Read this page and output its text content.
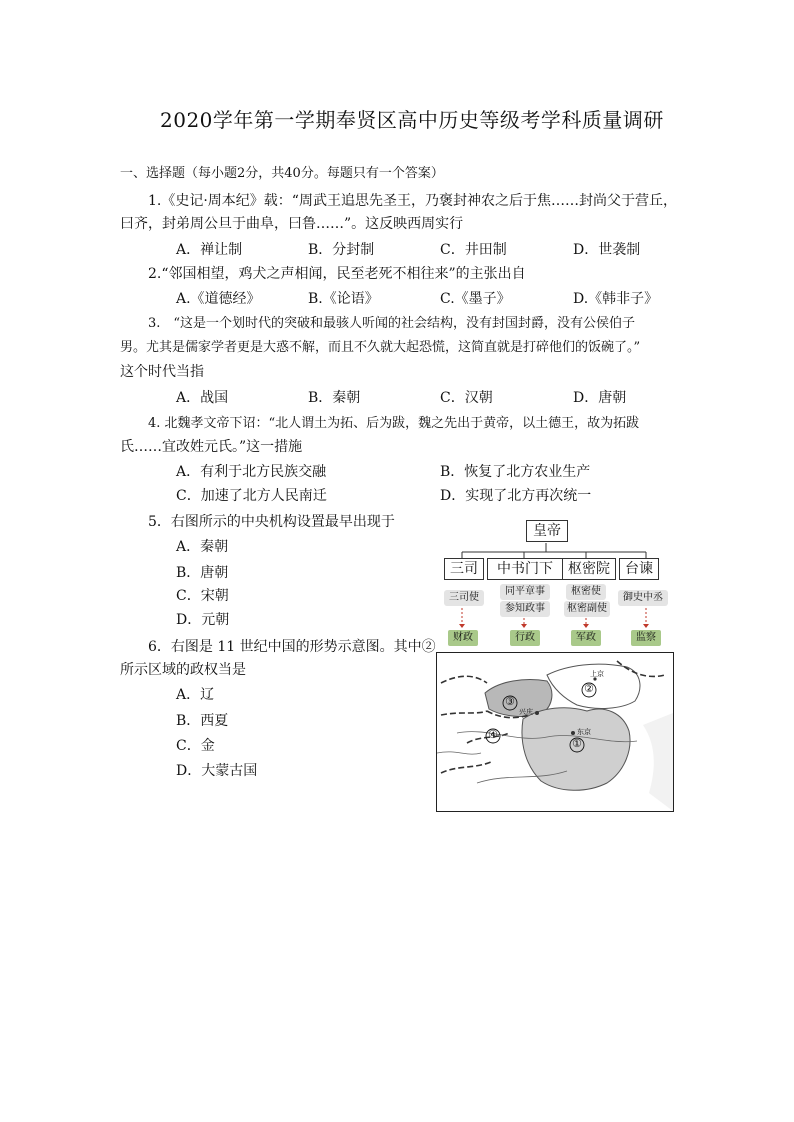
2020学年第一学期奉贤区高中历史等级考学科质量调研
一、选择题（每小题2分，共40分。每题只有一个答案）
1.《史记·周本纪》载：“周武王追思先圣王，乃褒封神农之后于焦……封尚父于营丘，
曰齐，封弟周公旦于曲阜，曰鲁……”。这反映西周实行
A．禅让制	B．分封制	C．井田制	D．世袭制
2.“邻国相望，鸡犬之声相闻，民至老死不相往来”的主张出自
A.《道德经》	B.《论语》	C.《墨子》	D.《韩非子》
3.　“这是一个划时代的突破和最骇人听闻的社会结构，没有封国封爵，没有公侯伯子
男。尤其是儒家学者更是大惑不解，而且不久就大起恐慌，这简直就是打碎他们的饭碗了。”
这个时代当指
A．战国	B．秦朝	C．汉朝	D．唐朝
4. 北魏孝文帝下诏：“北人谓土为拓、后为跋，魏之先出于黄帝，以土德王，故为拓跋
氏……宜改姓元氏。”这一措施
A．有利于北方民族交融	B．恢复了北方农业生产
C．加速了北方人民南迁	D．实现了北方再次统一
5．右图所示的中央机构设置最早出现于
A．秦朝
B．唐朝
C．宋朝
D．元朝
6．右图是 11 世纪中国的形势示意图。其中②
所示区域的政权当是
A．辽
B．西夏
C．金
D．大蒙古国
皇帝
三司	中书门下	枢密院	台谏
三司使
同平章事
参知政事
枢密使
枢密副使
御史中丞
财政	行政	军政	监察
③
②
④
①
兴庆
东京
上京
